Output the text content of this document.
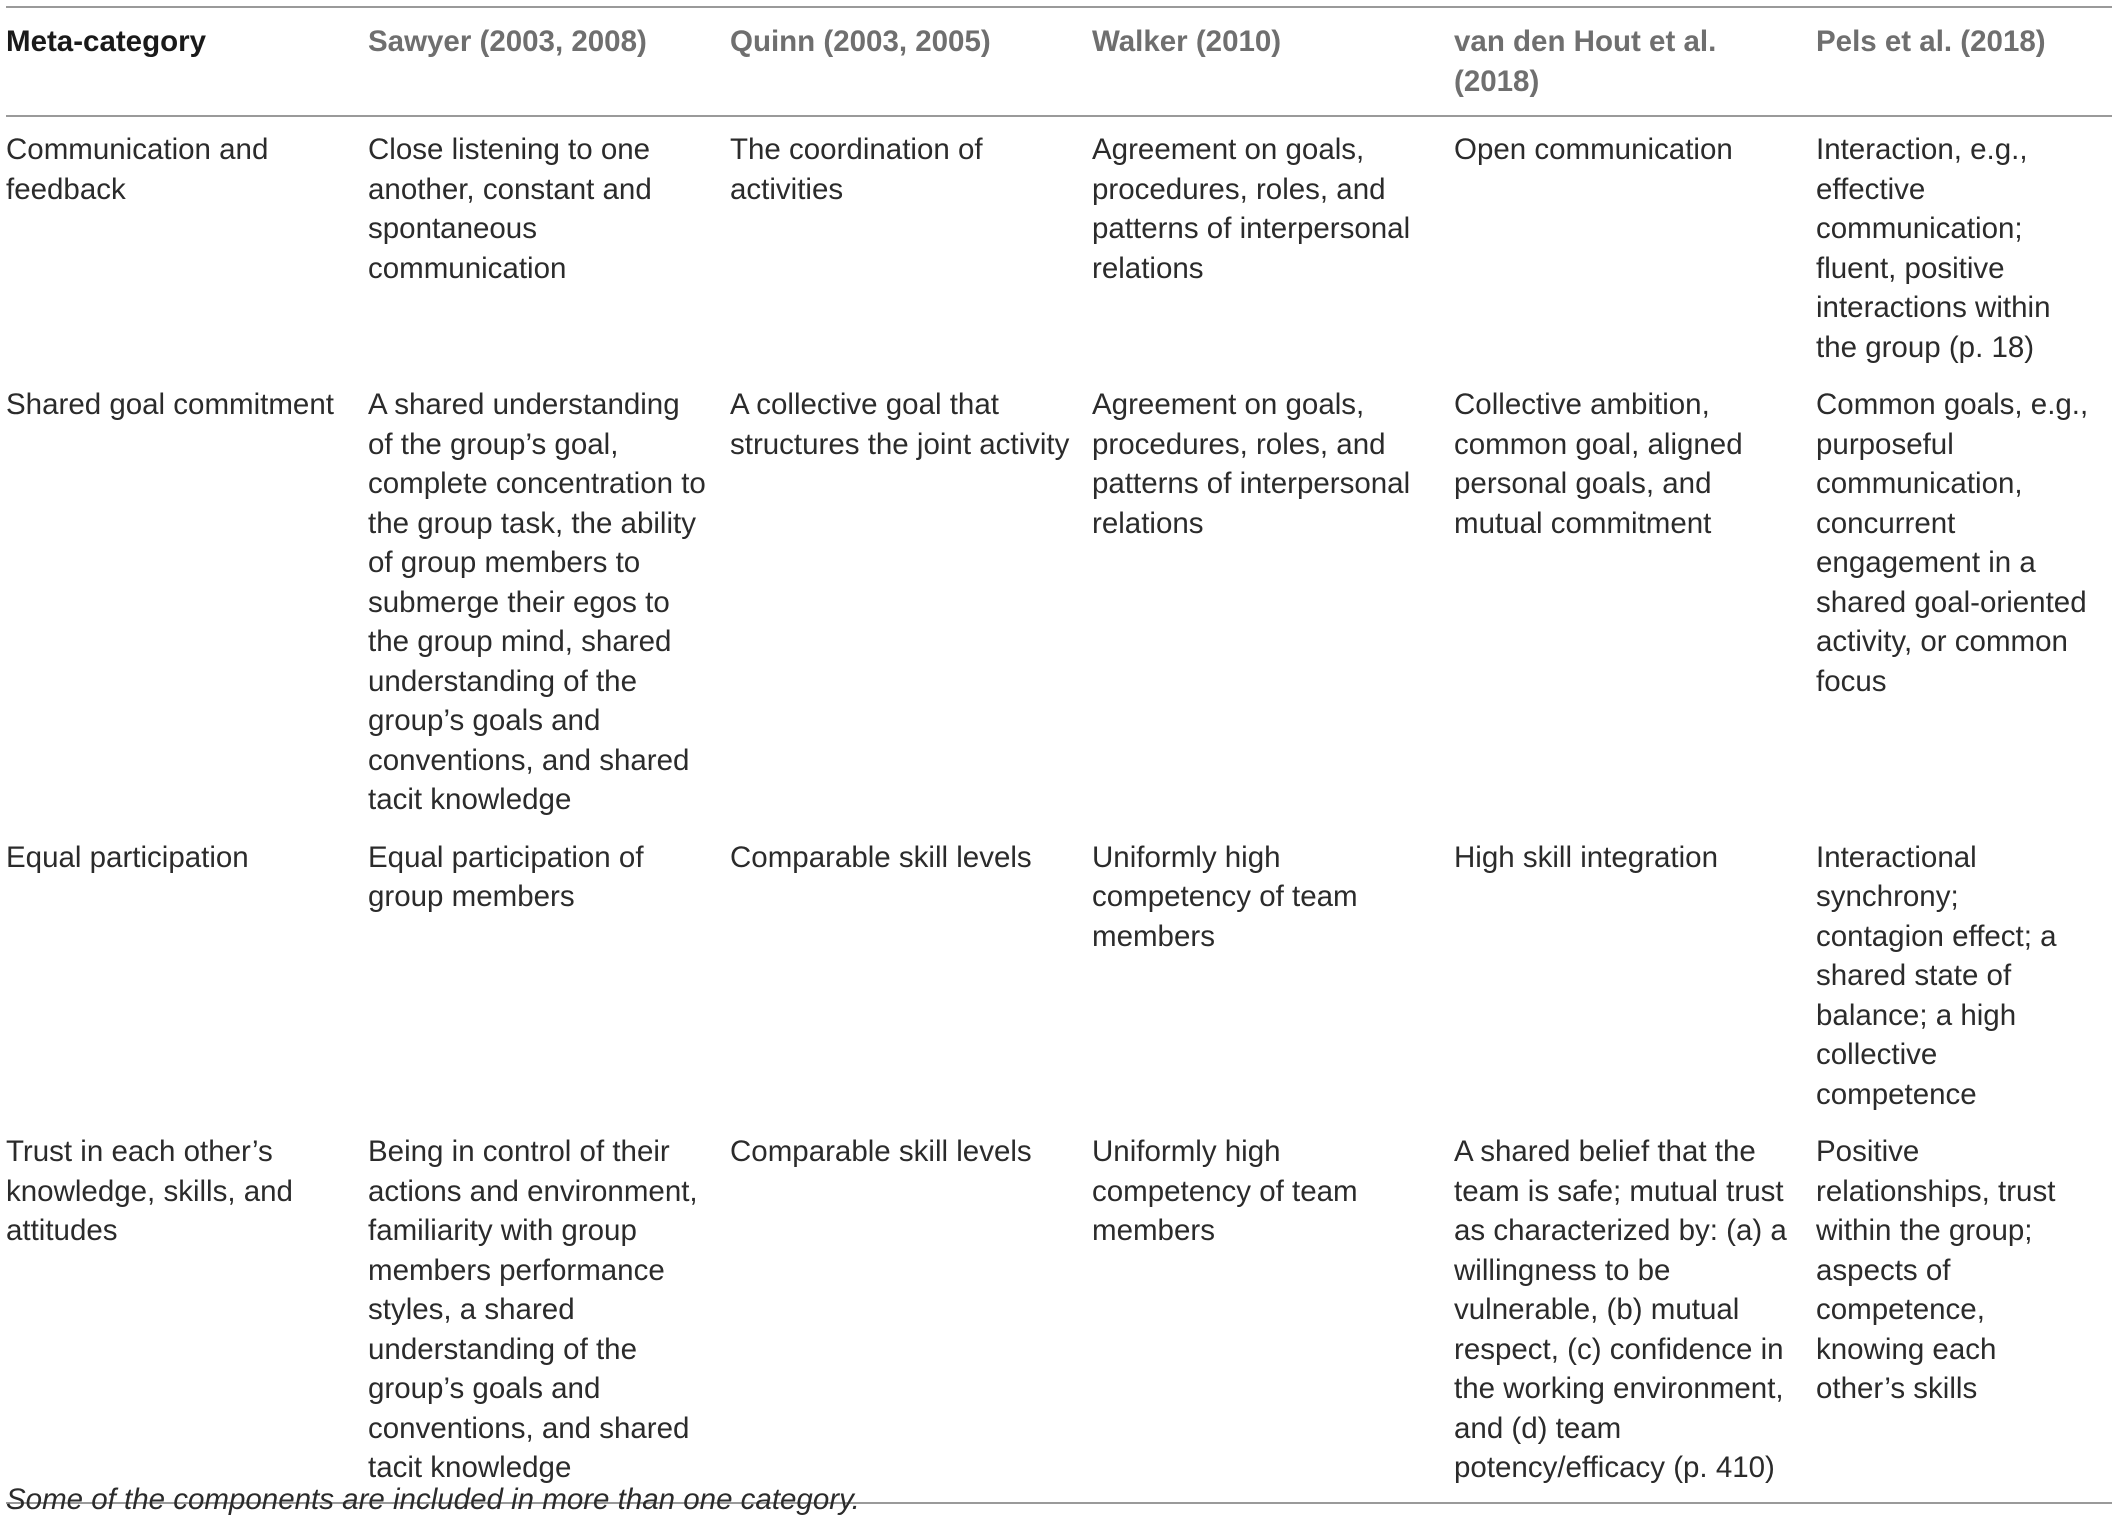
Meta-category	Sawyer (2003, 2008)	Quinn (2003, 2005)	Walker (2010)	van den Hout et al. (2018)	Pels et al. (2018)
Communication and feedback	Close listening to one another, constant and spontaneous communication	The coordination of activities	Agreement on goals, procedures, roles, and patterns of interpersonal relations	Open communication	Interaction, e.g., effective communication; fluent, positive interactions within the group (p. 18)
Shared goal commitment	A shared understanding of the group’s goal, complete concentration to the group task, the ability of group members to submerge their egos to the group mind, shared understanding of the group’s goals and conventions, and shared tacit knowledge	A collective goal that structures the joint activity	Agreement on goals, procedures, roles, and patterns of interpersonal relations	Collective ambition, common goal, aligned personal goals, and mutual commitment	Common goals, e.g., purposeful communication, concurrent engagement in a shared goal-oriented activity, or common focus
Equal participation	Equal participation of group members	Comparable skill levels	Uniformly high competency of team members	High skill integration	Interactional synchrony; contagion effect; a shared state of balance; a high collective competence
Trust in each other’s knowledge, skills, and attitudes	Being in control of their actions and environment, familiarity with group members performance styles, a shared understanding of the group’s goals and conventions, and shared tacit knowledge	Comparable skill levels	Uniformly high competency of team members	A shared belief that the team is safe; mutual trust as characterized by: (a) a willingness to be vulnerable, (b) mutual respect, (c) confidence in the working environment, and (d) team potency/efficacy (p. 410)	Positive relationships, trust within the group; aspects of competence, knowing each other’s skills
Some of the components are included in more than one category.
